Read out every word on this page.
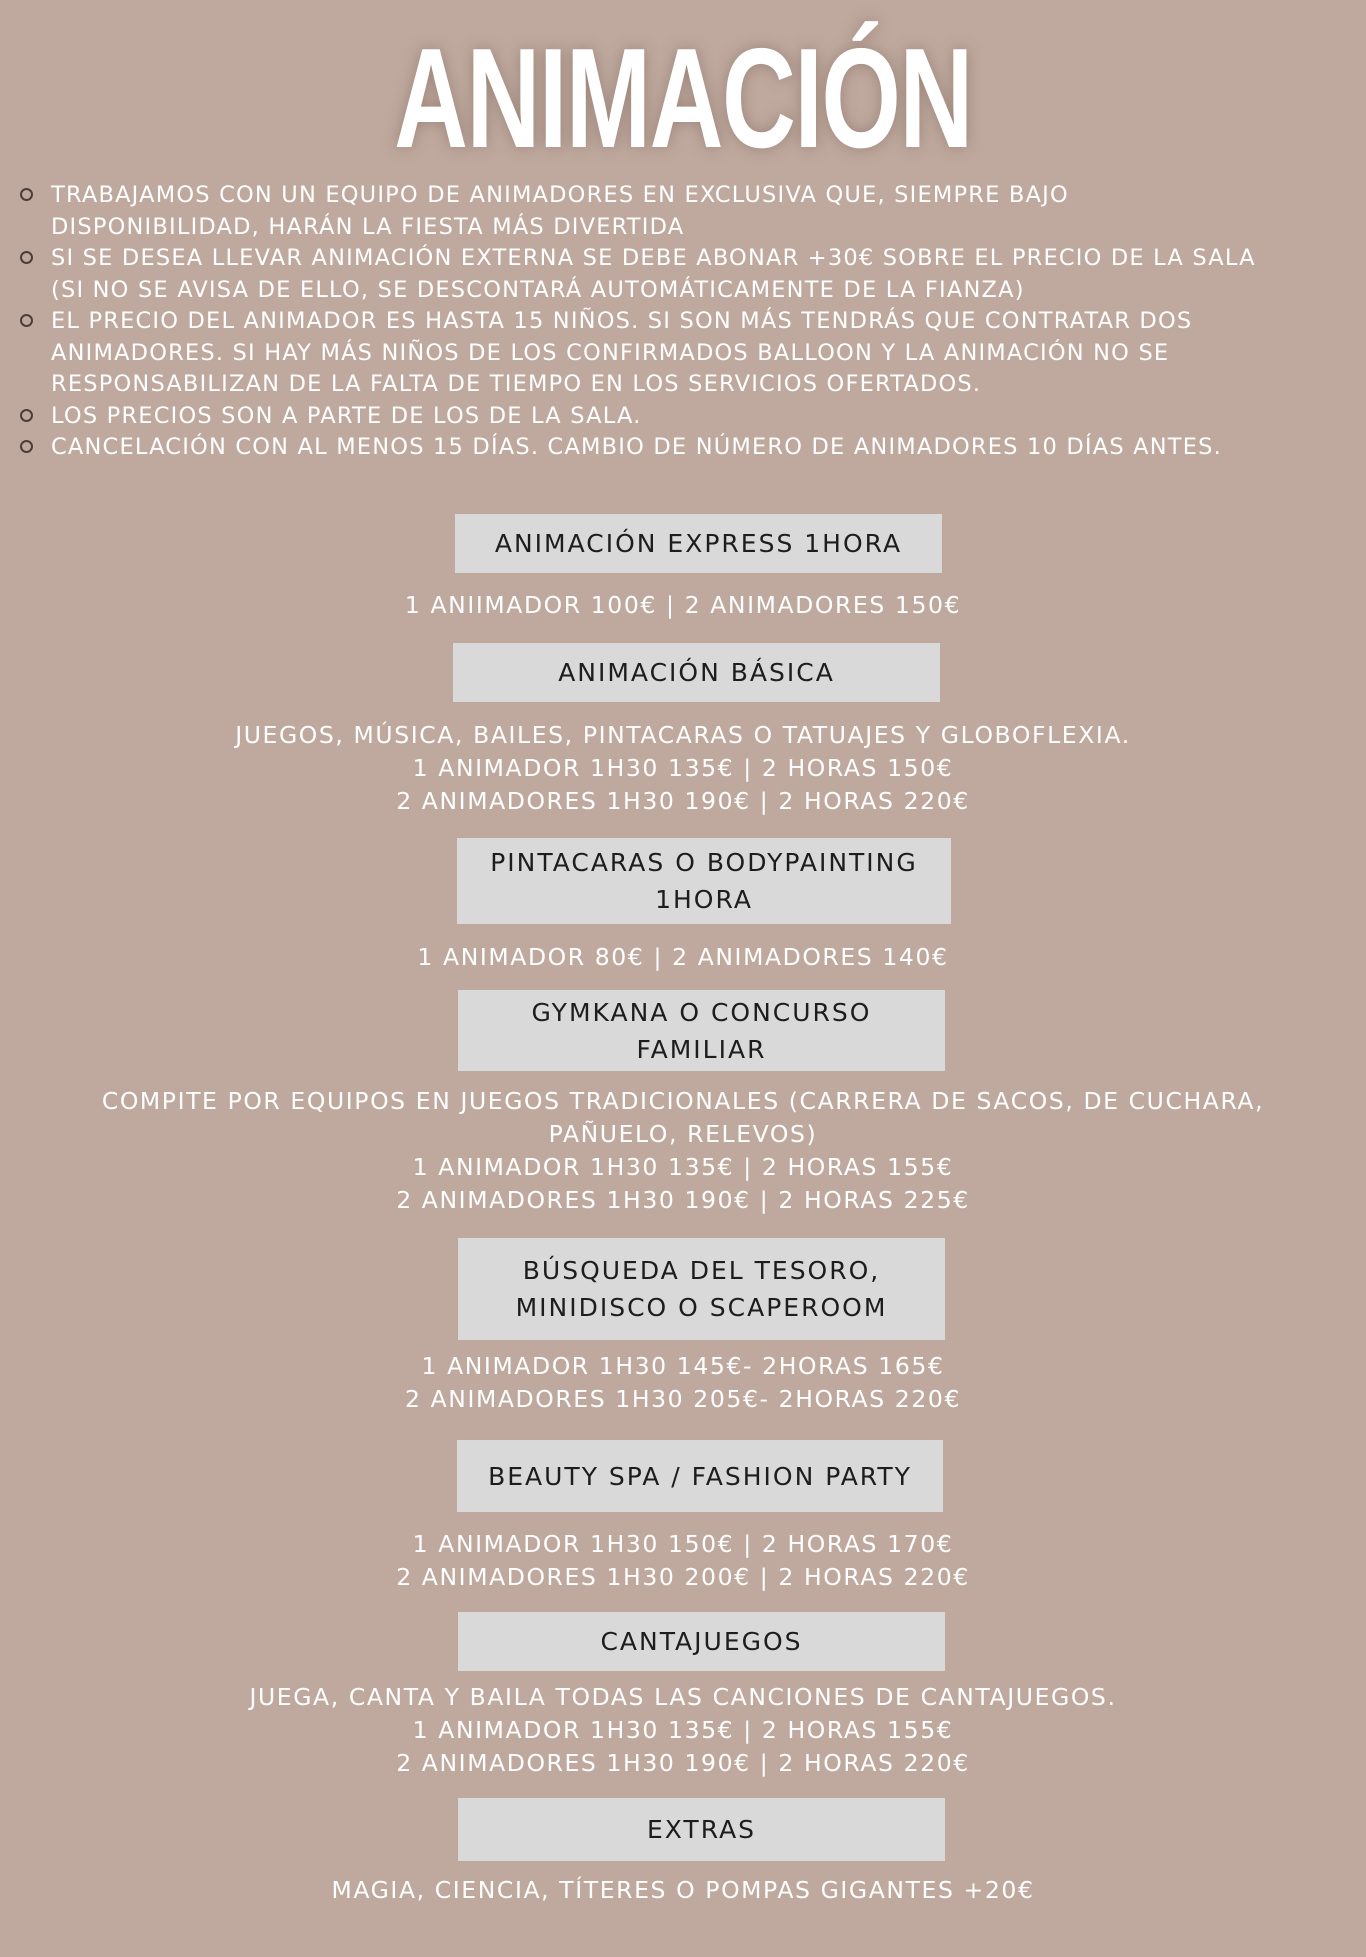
ANIMACIÓN
TRABAJAMOS CON UN EQUIPO DE ANIMADORES EN EXCLUSIVA QUE, SIEMPRE BAJO
DISPONIBILIDAD, HARÁN LA FIESTA MÁS DIVERTIDA
SI SE DESEA LLEVAR ANIMACIÓN EXTERNA SE DEBE ABONAR +30€ SOBRE EL PRECIO DE LA SALA
(SI NO SE AVISA DE ELLO, SE DESCONTARÁ AUTOMÁTICAMENTE DE LA FIANZA)
EL PRECIO DEL ANIMADOR ES HASTA 15 NIÑOS. SI SON MÁS TENDRÁS QUE CONTRATAR DOS
ANIMADORES. SI HAY MÁS NIÑOS DE LOS CONFIRMADOS BALLOON Y LA ANIMACIÓN NO SE
RESPONSABILIZAN DE LA FALTA DE TIEMPO EN LOS SERVICIOS OFERTADOS.
LOS PRECIOS SON A PARTE DE LOS DE LA SALA.
CANCELACIÓN CON AL MENOS 15 DÍAS. CAMBIO DE NÚMERO DE ANIMADORES 10 DÍAS ANTES.
ANIMACIÓN EXPRESS 1HORA
1 ANIIMADOR 100€ | 2 ANIMADORES 150€
ANIMACIÓN BÁSICA
JUEGOS, MÚSICA, BAILES, PINTACARAS O TATUAJES Y GLOBOFLEXIA.
1 ANIMADOR 1H30 135€ | 2 HORAS 150€
2 ANIMADORES 1H30 190€ | 2 HORAS 220€
PINTACARAS O BODYPAINTING
1HORA
1 ANIMADOR 80€ | 2 ANIMADORES 140€
GYMKANA O CONCURSO
FAMILIAR
COMPITE POR EQUIPOS EN JUEGOS TRADICIONALES (CARRERA DE SACOS, DE CUCHARA,
PAÑUELO, RELEVOS)
1 ANIMADOR 1H30 135€ | 2 HORAS 155€
2 ANIMADORES 1H30 190€ | 2 HORAS 225€
BÚSQUEDA DEL TESORO,
MINIDISCO O SCAPEROOM
1 ANIMADOR 1H30 145€- 2HORAS 165€
2 ANIMADORES 1H30 205€- 2HORAS 220€
BEAUTY SPA / FASHION PARTY
1 ANIMADOR 1H30 150€ | 2 HORAS 170€
2 ANIMADORES 1H30 200€ | 2 HORAS 220€
CANTAJUEGOS
JUEGA, CANTA Y BAILA TODAS LAS CANCIONES DE CANTAJUEGOS.
1 ANIMADOR 1H30 135€ | 2 HORAS 155€
2 ANIMADORES 1H30 190€ | 2 HORAS 220€
EXTRAS
MAGIA, CIENCIA, TÍTERES O POMPAS GIGANTES +20€
